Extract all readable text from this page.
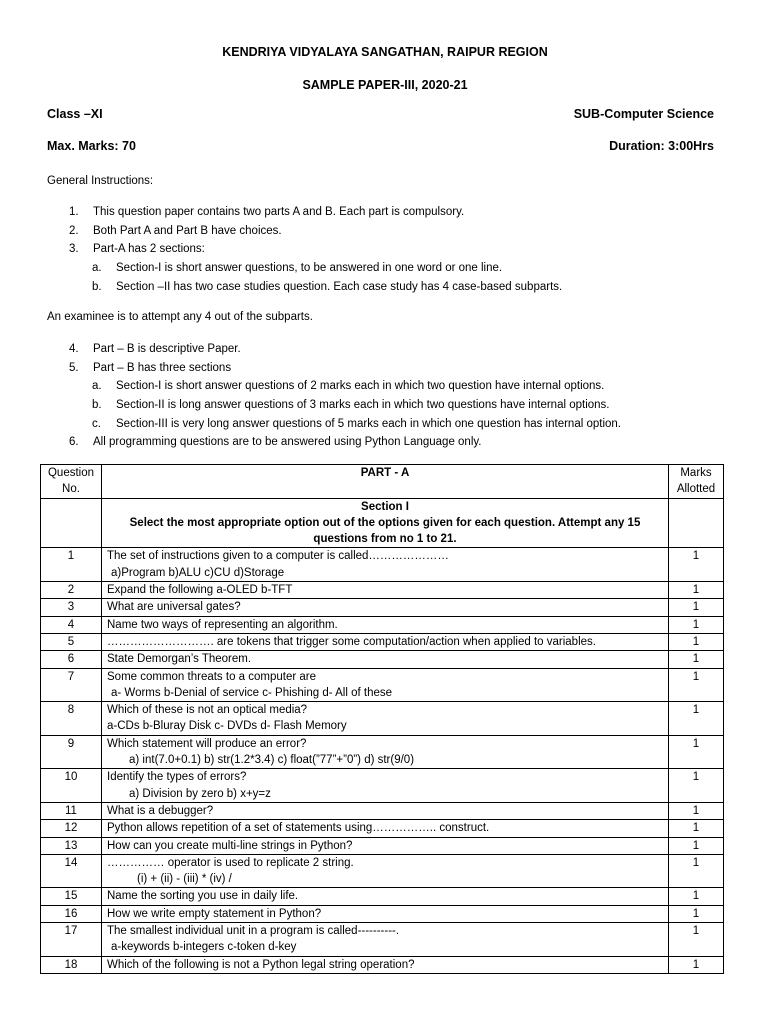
KENDRIYA VIDYALAYA SANGATHAN, RAIPUR REGION
SAMPLE PAPER-III, 2020-21
Class –XI	SUB-Computer Science
Max. Marks: 70	Duration: 3:00Hrs
General Instructions:
1. This question paper contains two parts A and B. Each part is compulsory.
2. Both Part A and Part B have choices.
3. Part-A has 2 sections:
a. Section-I is short answer questions, to be answered in one word or one line.
b. Section –II has two case studies question. Each case study has 4 case-based subparts.
An examinee is to attempt any 4 out of the subparts.
4. Part – B is descriptive Paper.
5. Part – B has three sections
a. Section-I is short answer questions of 2 marks each in which two question have internal options.
b. Section-II is long answer questions of 3 marks each in which two questions have internal options.
c. Section-III is very long answer questions of 5 marks each in which one question has internal option.
6. All programming questions are to be answered using Python Language only.
Question No.	PART - A	Marks Allotted

	Section I
Select the most appropriate option out of the options given for each question. Attempt any 15 questions from no 1 to 21.	

1	The set of instructions given to a computer is called…………………
a)Program b)ALU c)CU d)Storage	1
2	Expand the following a-OLED b-TFT	1
3	What are universal gates?	1
4	Name two ways of representing an algorithm.	1
5	………………………. are tokens that trigger some computation/action when applied to variables.	1
6	State Demorgan’s Theorem.	1
7	Some common threats to a computer are
a- Worms b-Denial of service c- Phishing d- All of these	1
8	Which of these is not an optical media?
a-CDs b-Bluray Disk c- DVDs d- Flash Memory	1
9	Which statement will produce an error?
a) int(7.0+0.1) b) str(1.2*3.4) c) float(”77”+”0”) d) str(9/0)	1
10	Identify the types of errors?
a) Division by zero b) x+y=z	1
11	What is a debugger?	1
12	Python allows repetition of a set of statements using…………….. construct.	1
13	How can you create multi-line strings in Python?	1
14	…………… operator is used to replicate 2 string.
(i) + (ii) - (iii) * (iv) /	1
15	Name the sorting you use in daily life.	1
16	How we write empty statement in Python?	1
17	The smallest individual unit in a program is called----------.
a-keywords b-integers c-token d-key	1
18	Which of the following is not a Python legal string operation?	1
